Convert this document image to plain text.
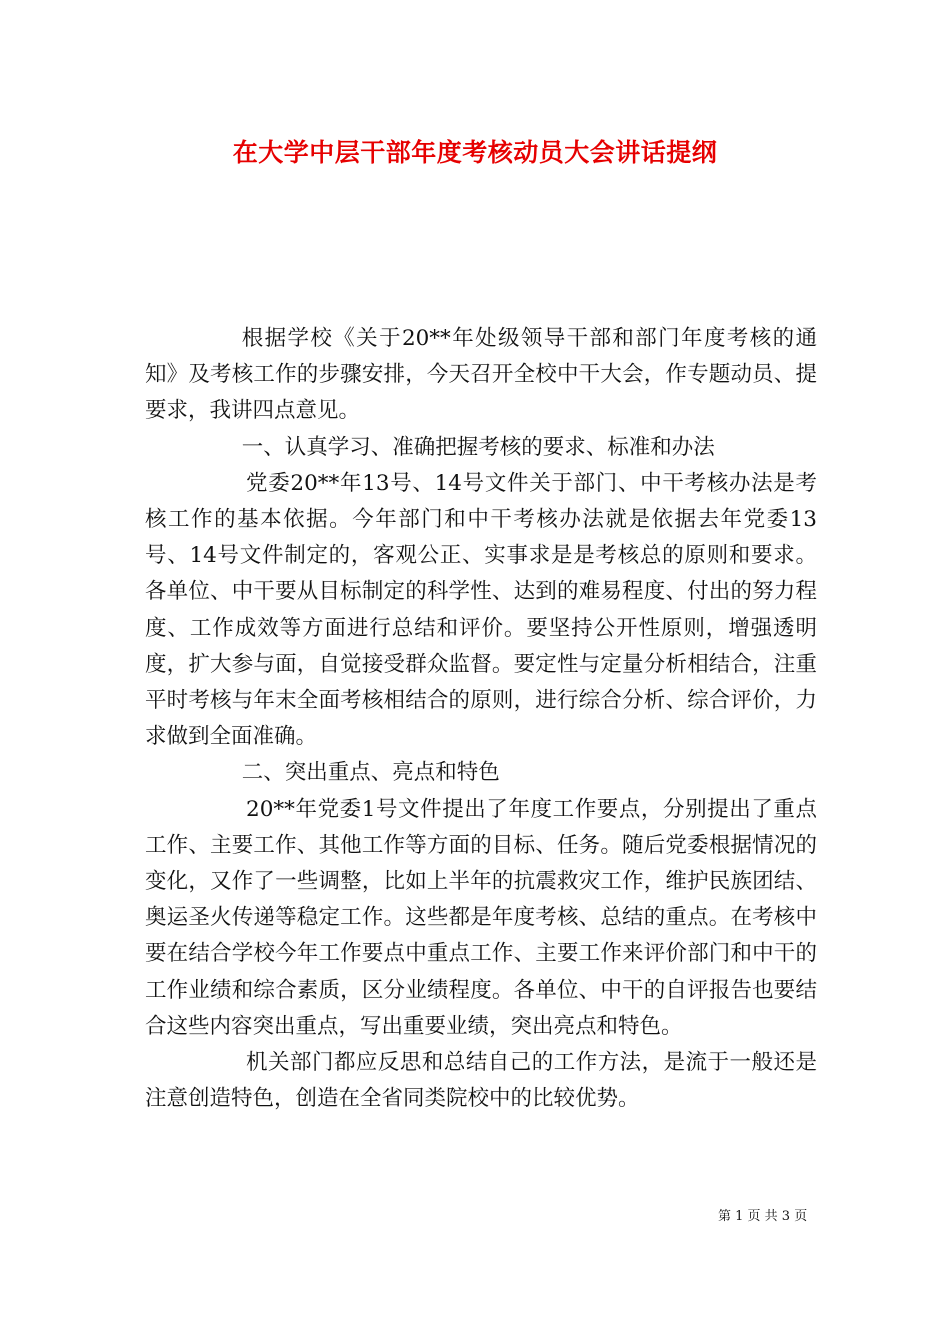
在大学中层干部年度考核动员大会讲话提纲

根据学校《关于20**年处级领导干部和部门年度考核的通知》及考核工作的步骤安排，今天召开全校中干大会，作专题动员、提要求，我讲四点意见。

一、认真学习、准确把握考核的要求、标准和办法

党委20**年13号、14号文件关于部门、中干考核办法是考核工作的基本依据。今年部门和中干考核办法就是依据去年党委13号、14号文件制定的，客观公正、实事求是是考核总的原则和要求。各单位、中干要从目标制定的科学性、达到的难易程度、付出的努力程度、工作成效等方面进行总结和评价。要坚持公开性原则，增强透明度，扩大参与面，自觉接受群众监督。要定性与定量分析相结合，注重平时考核与年末全面考核相结合的原则，进行综合分析、综合评价，力求做到全面准确。

二、突出重点、亮点和特色

20**年党委1号文件提出了年度工作要点，分别提出了重点工作、主要工作、其他工作等方面的目标、任务。随后党委根据情况的变化，又作了一些调整，比如上半年的抗震救灾工作，维护民族团结、奥运圣火传递等稳定工作。这些都是年度考核、总结的重点。在考核中要在结合学校今年工作要点中重点工作、主要工作来评价部门和中干的工作业绩和综合素质，区分业绩程度。各单位、中干的自评报告也要结合这些内容突出重点，写出重要业绩，突出亮点和特色。

机关部门都应反思和总结自己的工作方法，是流于一般还是注意创造特色，创造在全省同类院校中的比较优势。

第 1 页 共 3 页
